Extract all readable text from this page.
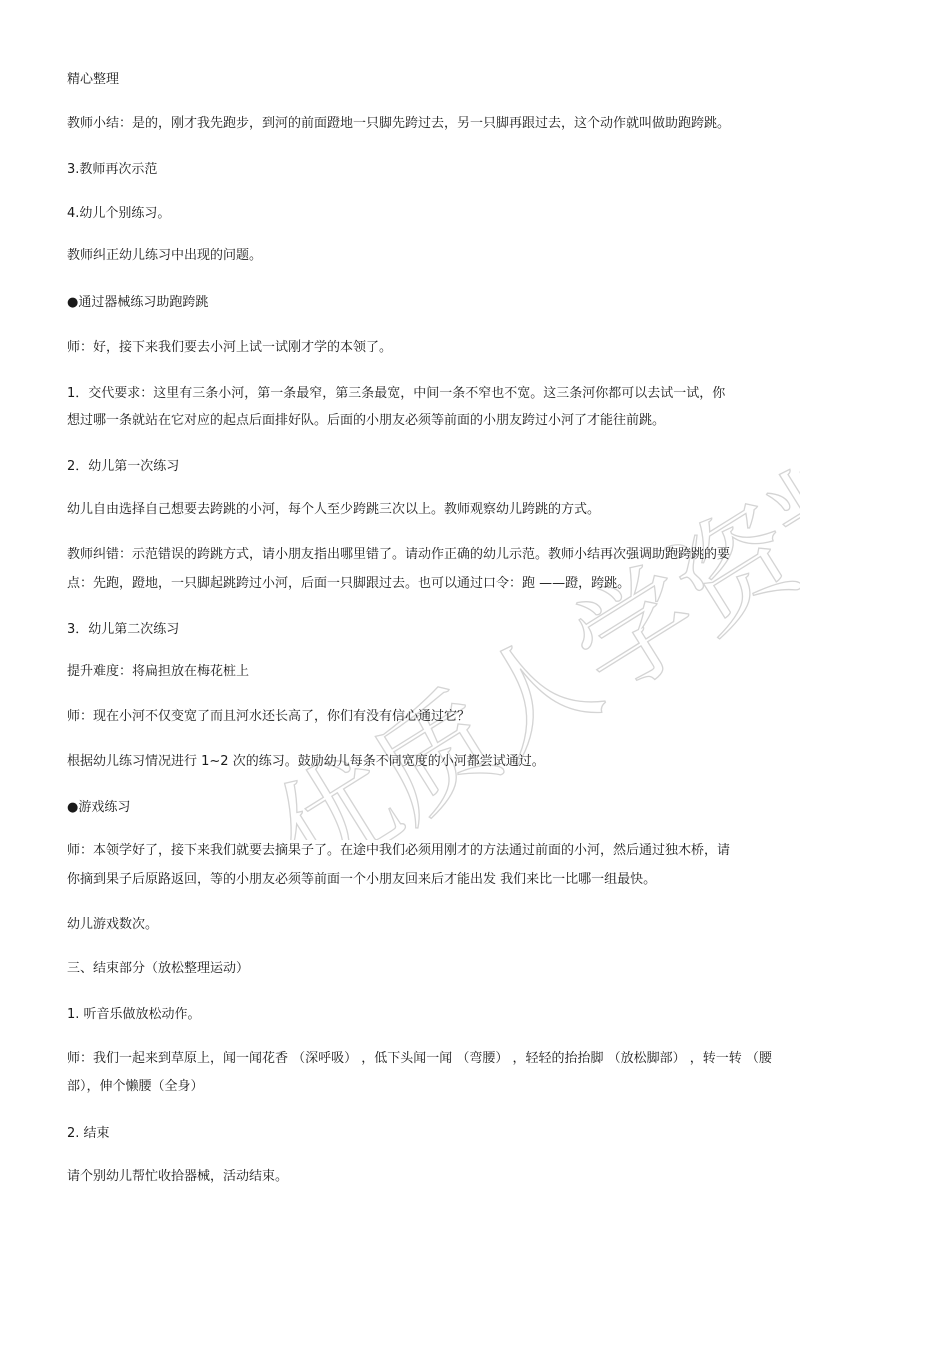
优质人学资料
精心整理
教师小结：是的，刚才我先跑步，到河的前面蹬地一只脚先跨过去，另一只脚再跟过去，这个动作就叫做助跑跨跳。
3.教师再次示范
4.幼儿个别练习。
教师纠正幼儿练习中出现的问题。
●通过器械练习助跑跨跳
师：好，接下来我们要去小河上试一试刚才学的本领了。
1．交代要求：这里有三条小河，第一条最窄，第三条最宽，中间一条不窄也不宽。这三条河你都可以去试一试，你
想过哪一条就站在它对应的起点后面排好队。后面的小朋友必须等前面的小朋友跨过小河了才能往前跳。
2．幼儿第一次练习
幼儿自由选择自己想要去跨跳的小河，每个人至少跨跳三次以上。教师观察幼儿跨跳的方式。
教师纠错：示范错误的跨跳方式，请小朋友指出哪里错了。请动作正确的幼儿示范。教师小结再次强调助跑跨跳的要
点：先跑，蹬地，一只脚起跳跨过小河，后面一只脚跟过去。也可以通过口令：跑 ——蹬，跨跳。
3．幼儿第二次练习
提升难度：将扁担放在梅花桩上
师：现在小河不仅变宽了而且河水还长高了，你们有没有信心通过它？
根据幼儿练习情况进行 1~2 次的练习。鼓励幼儿每条不同宽度的小河都尝试通过。
●游戏练习
师：本领学好了，接下来我们就要去摘果子了。在途中我们必须用刚才的方法通过前面的小河，然后通过独木桥，请
你摘到果子后原路返回，等的小朋友必须等前面一个小朋友回来后才能出发 我们来比一比哪一组最快。
幼儿游戏数次。
三、结束部分（放松整理运动）
1. 听音乐做放松动作。
师：我们一起来到草原上，闻一闻花香 （深呼吸） ，低下头闻一闻 （弯腰） ，轻轻的抬抬脚 （放松脚部） ，转一转 （腰
部），伸个懒腰（全身）
2. 结束
请个别幼儿帮忙收拾器械，活动结束。
